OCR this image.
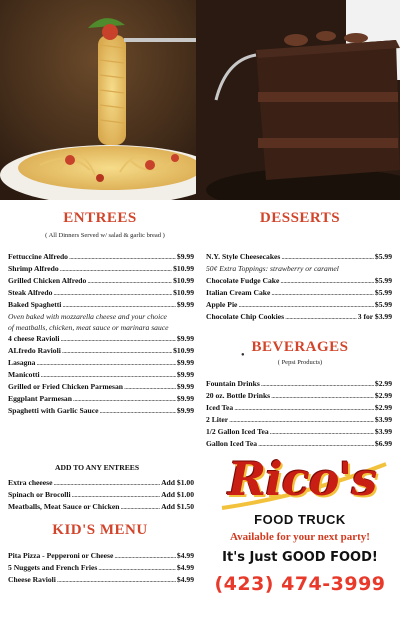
ENTREES
( All Dinners Served w/ salad & garlic bread )
Fettuccine Alfredo .....	$9.99
Shrimp Alfredo .....	$10.99
Grilled Chicken Alfredo .....	$10.99
Steak Alfredo .....	$10.99
Baked Spaghetti .....	$9.99
Oven baked with mozzarella cheese and your choice
of meatballs, chicken, meat sauce or marinara sauce
4 cheese Ravioli .....	$9.99
ALfredo Ravioli .....	$10.99
Lasagna .....	$9.99
Manicotti .....	$9.99
Grilled or Fried Chicken Parmesan .....	$9.99
Eggplant Parmesan .....	$9.99
Spaghetti with Garlic Sauce .....	$9.99
ADD TO ANY ENTREES
Extra cheeese .....	Add $1.00
Spinach or Brocolli .....	Add $1.00
Meatballs, Meat Sauce or Chicken .....	Add $1.50
KID'S MENU
Pita Pizza - Pepperoni or Cheese .....	$4.99
5 Nuggets and French Fries .....	$4.99
Cheese Ravioli .....	$4.99
DESSERTS
N.Y. Style Cheesecakes .....	$5.99
50¢ Extra Toppings: strawberry or caramel
Chocolate Fudge Cake .....	$5.99
Italian Cream Cake .....	$5.99
Apple Pie .....	$5.99
Chocolate Chip Cookies .....	3 for $3.99
BEVERAGES
●
( Pepsi Products)
Fountain Drinks .....	$2.99
20 oz. Bottle Drinks .....	$2.99
Iced Tea .....	$2.99
2 Liter .....	$3.99
1/2 Gallon Iced Tea .....	$3.99
Gallon Iced Tea .....	$6.99
Rico's
FOOD TRUCK
Available for your next party!
It's Just GOOD FOOD!
(423) 474-3999
